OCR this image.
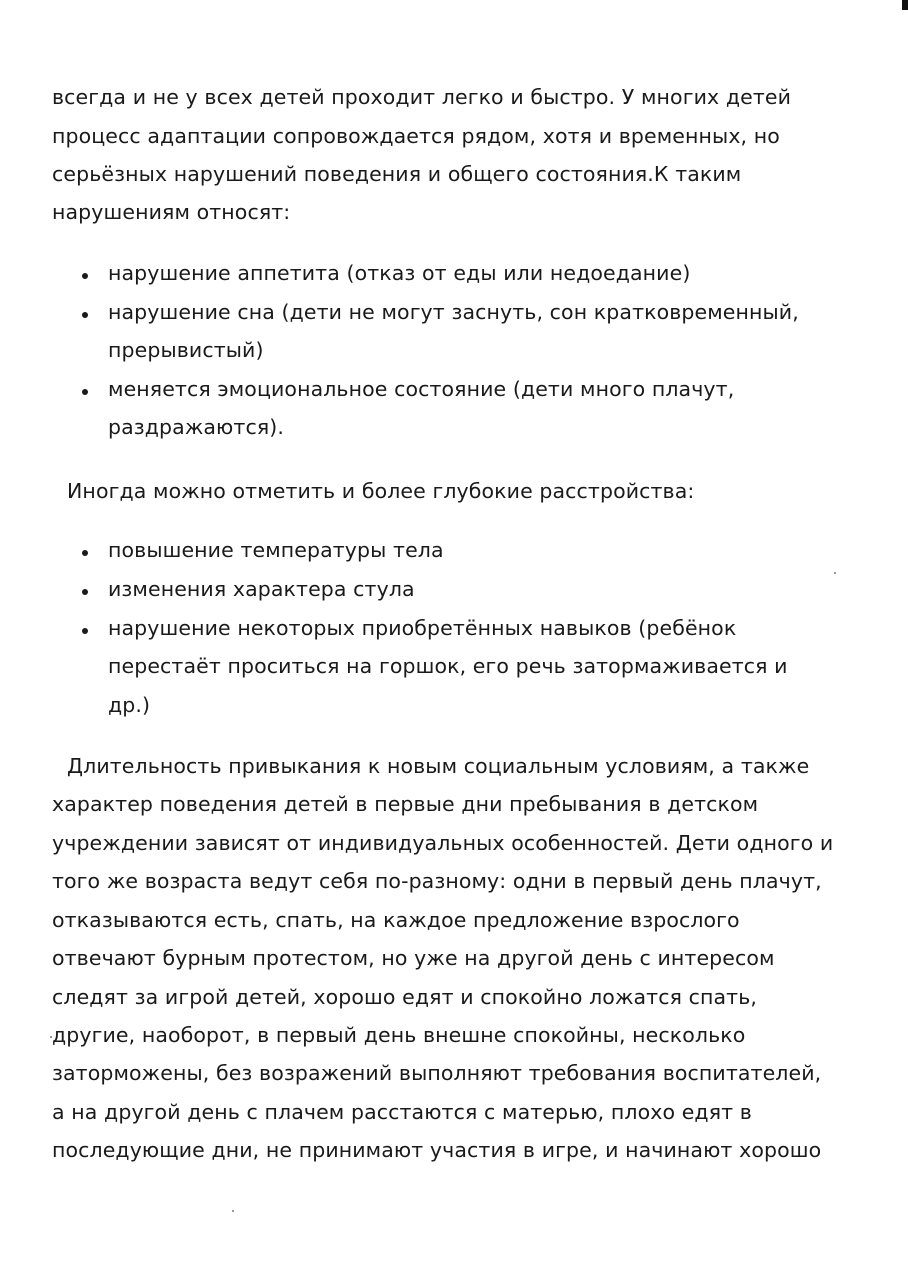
всегда и не у всех детей проходит легко и быстро. У многих детей
процесс адаптации сопровождается рядом, хотя и временных, но
серьёзных нарушений поведения и общего состояния.К таким
нарушениям относят:
нарушение аппетита (отказ от еды или недоедание)
нарушение сна (дети не могут заснуть, сон кратковременный,
прерывистый)
меняется эмоциональное состояние (дети много плачут,
раздражаются).
Иногда можно отметить и более глубокие расстройства:
повышение температуры тела
изменения характера стула
нарушение некоторых приобретённых навыков (ребёнок
перестаёт проситься на горшок, его речь затормаживается и
др.)
Длительность привыкания к новым социальным условиям, а также
характер поведения детей в первые дни пребывания в детском
учреждении зависят от индивидуальных особенностей. Дети одного и
того же возраста ведут себя по-разному: одни в первый день плачут,
отказываются есть, спать, на каждое предложение взрослого
отвечают бурным протестом, но уже на другой день с интересом
следят за игрой детей, хорошо едят и спокойно ложатся спать,
другие, наоборот, в первый день внешне спокойны, несколько
заторможены, без возражений выполняют требования воспитателей,
а на другой день с плачем расстаются с матерью, плохо едят в
последующие дни, не принимают участия в игре, и начинают хорошо
